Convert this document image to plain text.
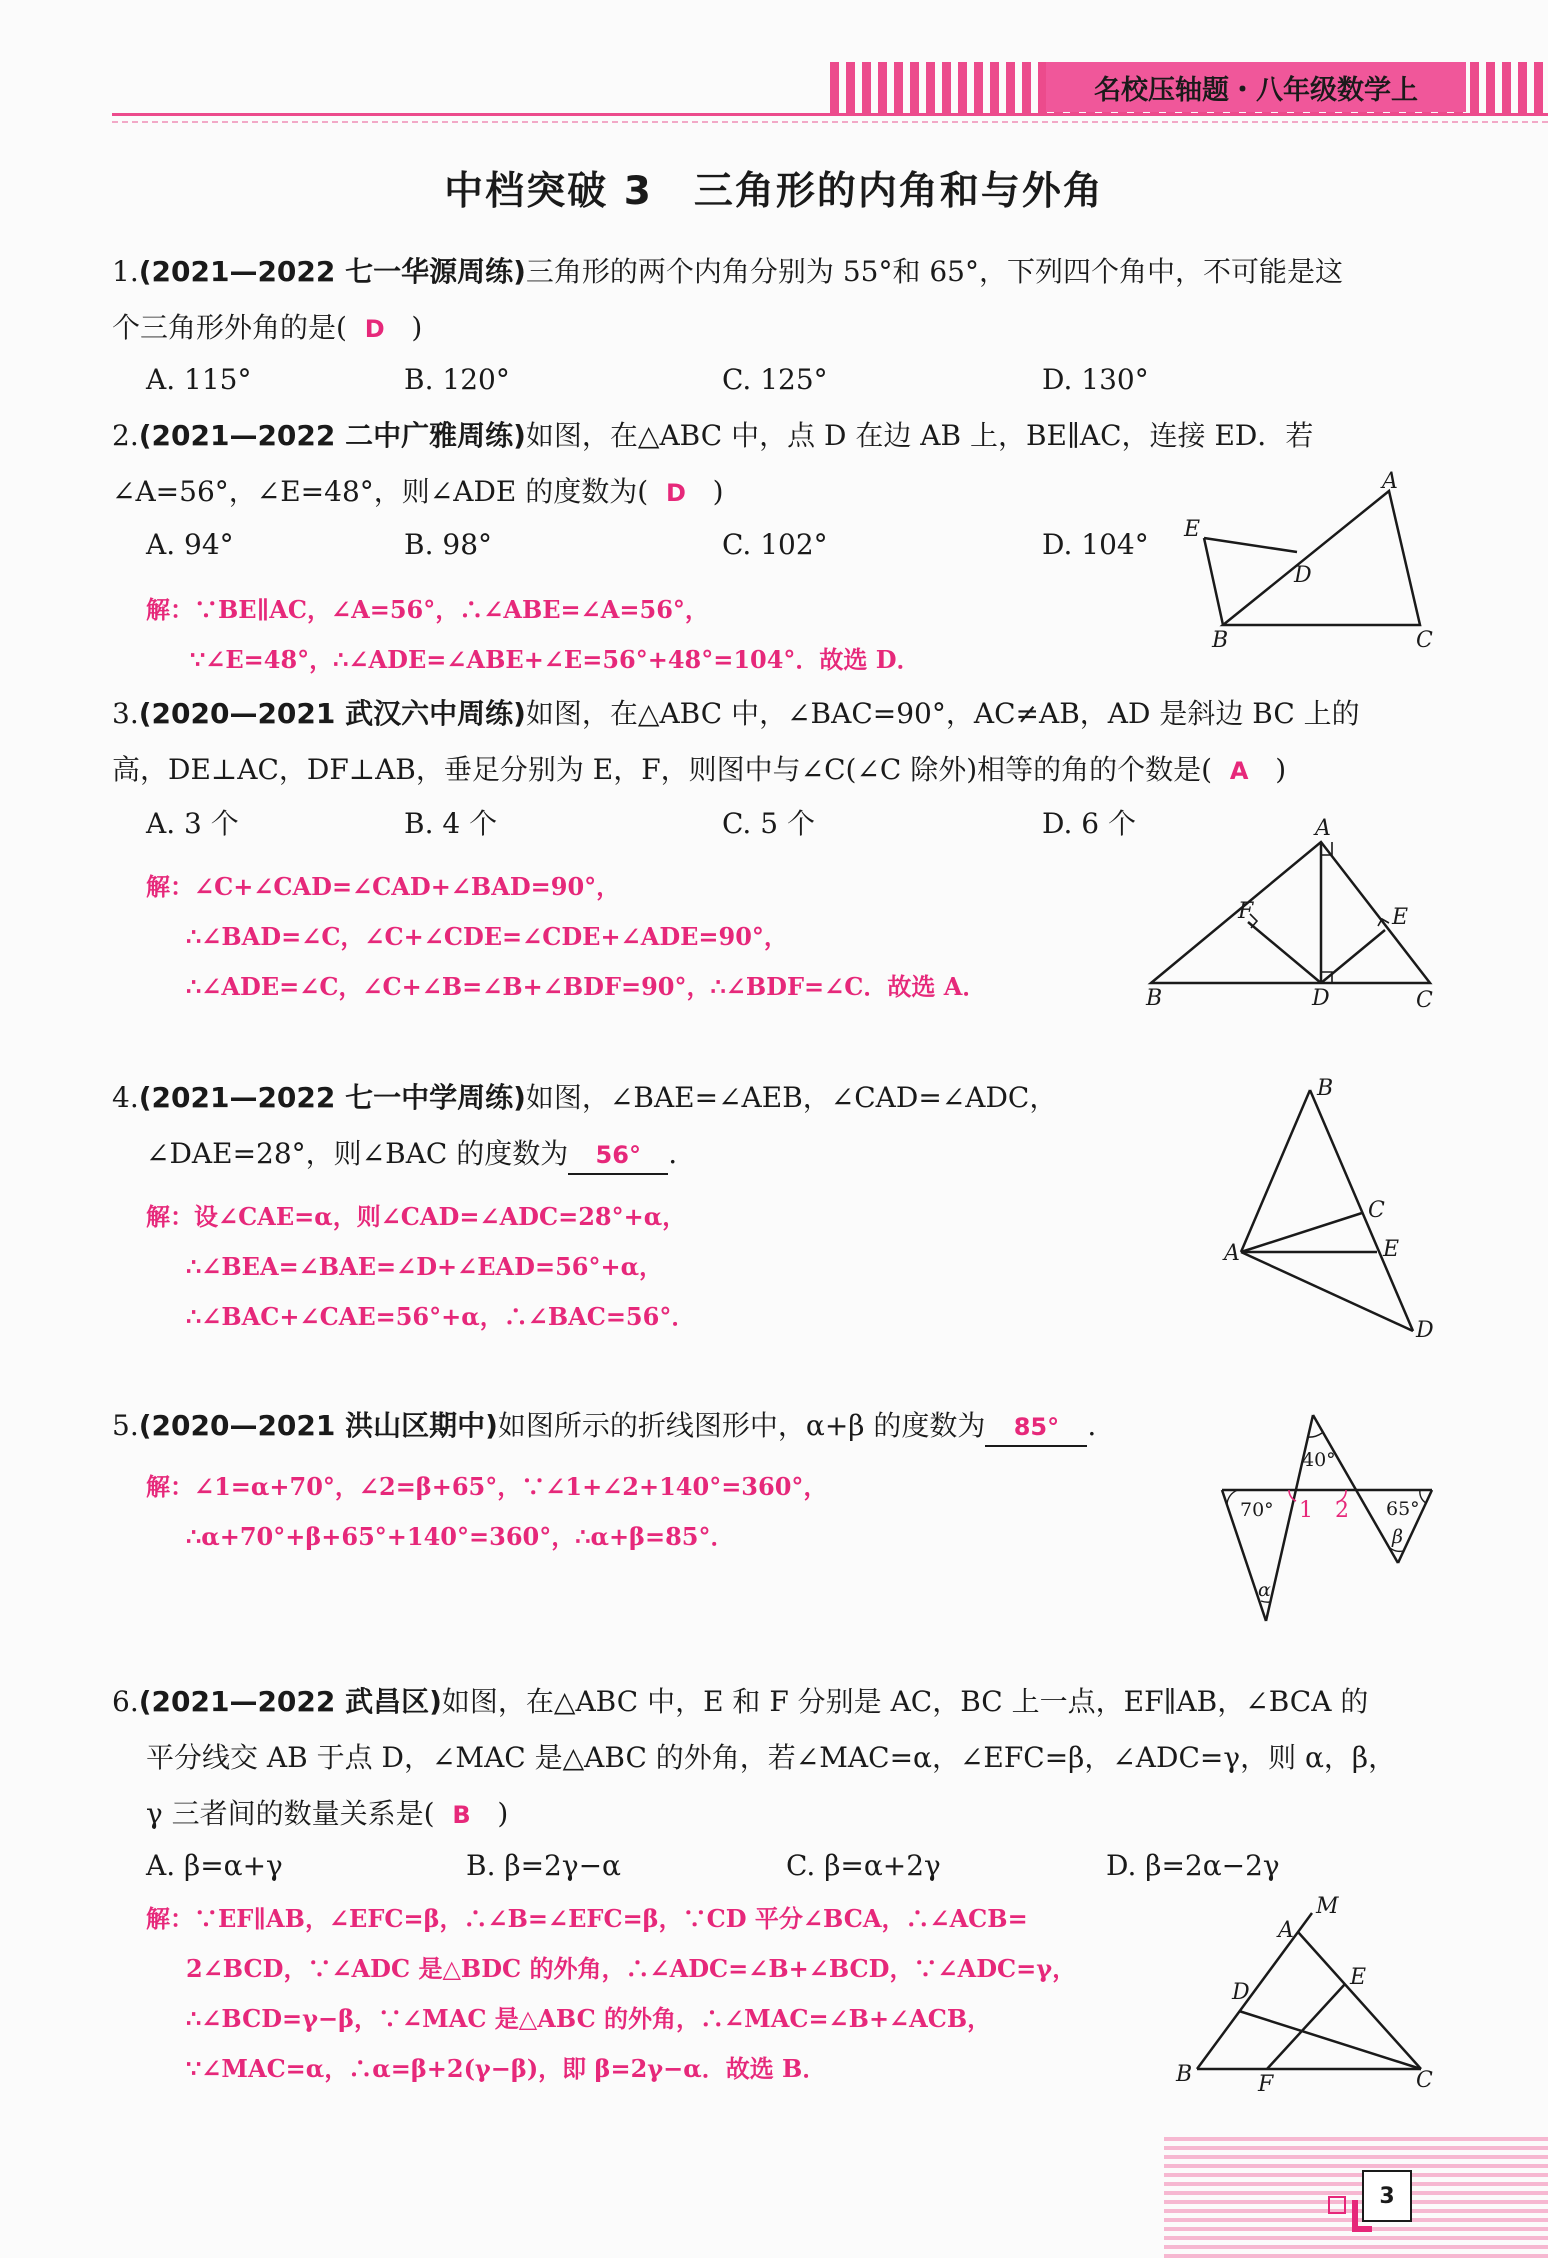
名校压轴题・八年级数学上
中档突破 3　三角形的内角和与外角
1.(2021—2022 七一华源周练)三角形的两个内角分别为 55°和 65°，下列四个角中，不可能是这
个三角形外角的是( D )
A. 115°	B. 120°	C. 125°	D. 130°
2.(2021—2022 二中广雅周练)如图，在△ABC 中，点 D 在边 AB 上，BE∥AC，连接 ED．若
∠A=56°，∠E=48°，则∠ADE 的度数为( D )
A. 94°	B. 98°	C. 102°	D. 104°
解：∵BE∥AC，∠A=56°，∴∠ABE=∠A=56°，
∵∠E=48°，∴∠ADE=∠ABE+∠E=56°+48°=104°．故选 D．
E
A
D
B	C
3.(2020—2021 武汉六中周练)如图，在△ABC 中，∠BAC=90°，AC≠AB，AD 是斜边 BC 上的
高，DE⊥AC，DF⊥AB，垂足分别为 E，F，则图中与∠C(∠C 除外)相等的角的个数是( A )
A. 3 个	B. 4 个	C. 5 个	D. 6 个
解：∠C+∠CAD=∠CAD+∠BAD=90°，
∴∠BAD=∠C，∠C+∠CDE=∠CDE+∠ADE=90°，
∴∠ADE=∠C，∠C+∠B=∠B+∠BDF=90°，∴∠BDF=∠C．故选 A．
A
F	E
B	D	C
4.(2021—2022 七一中学周练)如图，∠BAE=∠AEB，∠CAD=∠ADC，
∠DAE=28°，则∠BAC 的度数为 56° .
解：设∠CAE=α，则∠CAD=∠ADC=28°+α，
∴∠BEA=∠BAE=∠D+∠EAD=56°+α，
∴∠BAC+∠CAE=56°+α，∴∠BAC=56°．
B
C
A	E
D
5.(2020—2021 洪山区期中)如图所示的折线图形中，α+β 的度数为 85° .
解：∠1=α+70°，∠2=β+65°，∵∠1+∠2+140°=360°，
∴α+70°+β+65°+140°=360°，∴α+β=85°．
70°
40°
65°
1 2
α
β
6.(2021—2022 武昌区)如图，在△ABC 中，E 和 F 分别是 AC，BC 上一点，EF∥AB，∠BCA 的
平分线交 AB 于点 D，∠MAC 是△ABC 的外角，若∠MAC=α，∠EFC=β，∠ADC=γ，则 α，β，
γ 三者间的数量关系是( B )
A. β=α+γ	B. β=2γ−α	C. β=α+2γ	D. β=2α−2γ
解：∵EF∥AB，∠EFC=β，∴∠B=∠EFC=β，∵CD 平分∠BCA，∴∠ACB=
2∠BCD，∵∠ADC 是△BDC 的外角，∴∠ADC=∠B+∠BCD，∵∠ADC=γ，
∴∠BCD=γ−β，∵∠MAC 是△ABC 的外角，∴∠MAC=∠B+∠ACB，
∵∠MAC=α，∴α=β+2(γ−β)，即 β=2γ−α．故选 B．
M
A
E
D
B	F	C
3
